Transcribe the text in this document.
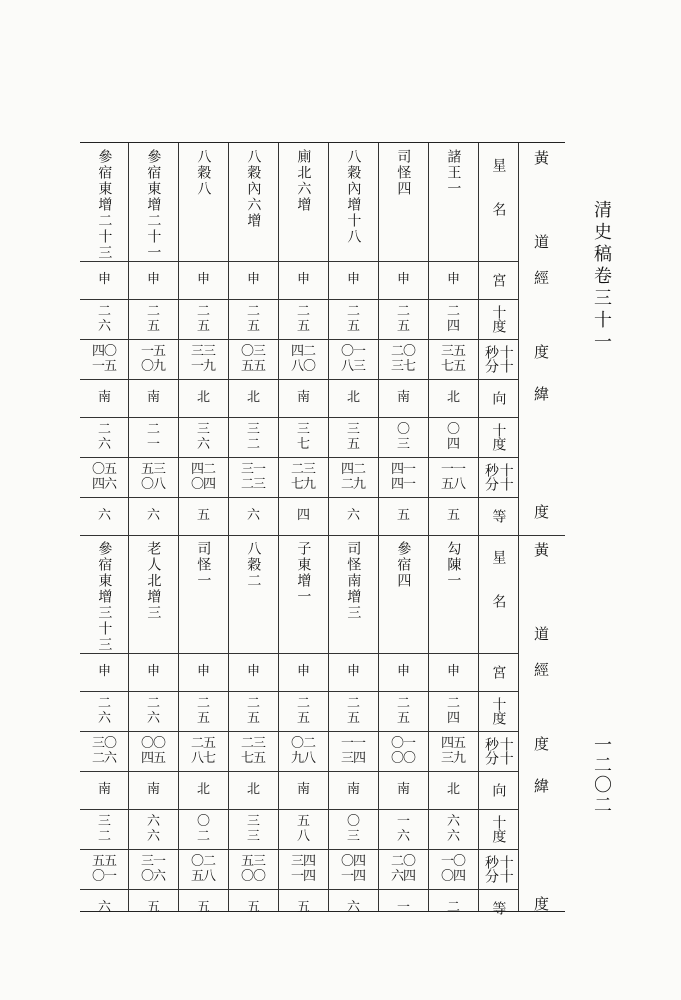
清史稿卷三十一
一二〇二
星名
宮
十度
十十秒分
向
十度
十十秒分
等
諸王一
申
二
四
三五
七五
北
〇
四
一一
五八
五
司怪四
申
二
五
二〇
三七
南
〇
三
四一
四一
五
八穀內增十八
申
二
五
〇一
八三
北
三
五
四二
二九
六
廁北六增
申
二
五
四二
八〇
南
三
七
二三
七九
四
八穀內六增
申
二
五
〇三
五五
北
三
二
三一
二三
六
八穀八
申
二
五
三三
一九
北
三
六
四二
〇四
五
參宿東增二十一
申
二
五
一五
〇九
南
二
一
五三
〇八
六
參宿東增二十三
申
二
六
四〇
一五
南
二
六
〇五
四六
六
星名
宮
十度
十十秒分
向
十度
十十秒分
等
勾陳一
申
二
四
四五
三九
北
六
六
一〇
〇四
二
參宿四
申
二
五
〇一
〇〇
南
一
六
二〇
六四
一
司怪南增三
申
二
五
一一
三四
南
〇
三
〇四
一四
六
子東增一
申
二
五
〇二
九八
南
五
八
三四
一四
五
八穀二
申
二
五
二三
七五
北
三
三
五三
〇〇
五
司怪一
申
二
五
二五
八七
北
〇
二
〇二
五八
五
老人北增三
申
二
六
〇〇
四五
南
六
六
三一
〇六
五
參宿東增三十三
申
二
六
三〇
二六
南
三
二
五五
〇一
六
黃
道
經
度
緯
度
黃
道
經
度
緯
度
